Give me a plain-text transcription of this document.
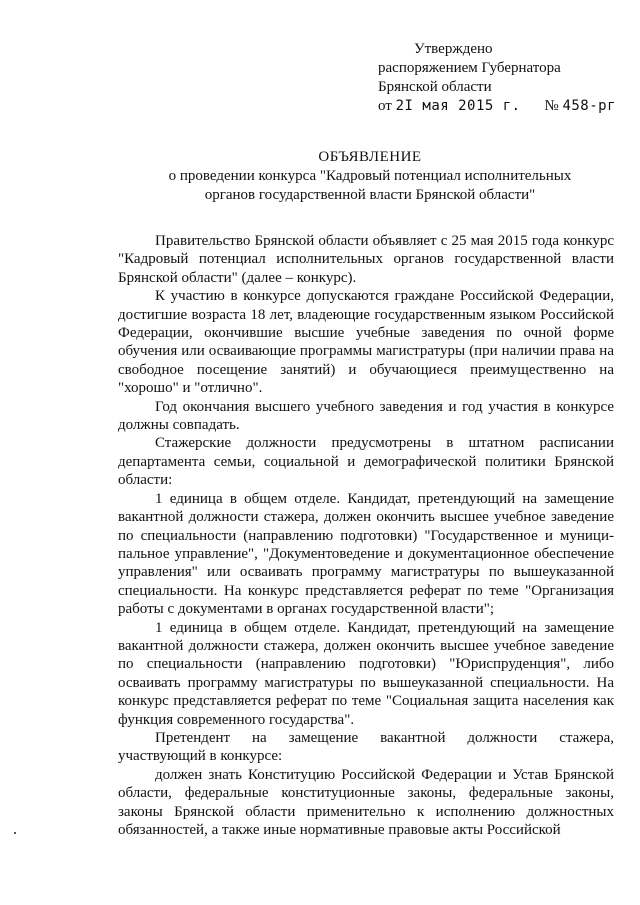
Утверждено
распоряжением Губернатора
Брянской области
от 2I мая 2015 г. № 458-рг
ОБЪЯВЛЕНИЕ
о проведении конкурса "Кадровый потенциал исполнительных
органов государственной власти Брянской области"

Правительство Брянской области объявляет с 25 мая 2015 года конкурс "Кадровый потенциал исполнительных органов государственной власти Брянской области" (далее – конкурс).

К участию в конкурсе допускаются граждане Российской Федерации, достигшие возраста 18 лет, владеющие государственным языком Российской Федерации, окончившие высшие учебные заведения по очной форме обучения или осваивающие программы магистратуры (при наличии права на свободное посещение занятий) и обучающиеся преимущественно на "хорошо" и "отлично".

Год окончания высшего учебного заведения и год участия в конкурсе должны совпадать.

Стажерские должности предусмотрены в штатном расписании департамента семьи, социальной и демографической политики Брянской области:

1 единица в общем отделе. Кандидат, претендующий на замещение вакантной должности стажера, должен окончить высшее учебное заведение по специальности (направлению подготовки) "Государственное и муници-пальное управление", "Документоведение и документационное обеспечение управления" или осваивать программу магистратуры по вышеуказанной специальности. На конкурс представляется реферат по теме "Организация работы с документами в органах государственной власти";

1 единица в общем отделе. Кандидат, претендующий на замещение вакантной должности стажера, должен окончить высшее учебное заведение по специальности (направлению подготовки) "Юриспруденция", либо осваивать программу магистратуры по вышеуказанной специальности. На конкурс представляется реферат по теме "Социальная защита населения как функция современного государства".

Претендент на замещение вакантной должности стажера, участвующий в конкурсе:

должен знать Конституцию Российской Федерации и Устав Брянской области, федеральные конституционные законы, федеральные законы, законы Брянской области применительно к исполнению должностных обязанностей, а также иные нормативные правовые акты Российской
